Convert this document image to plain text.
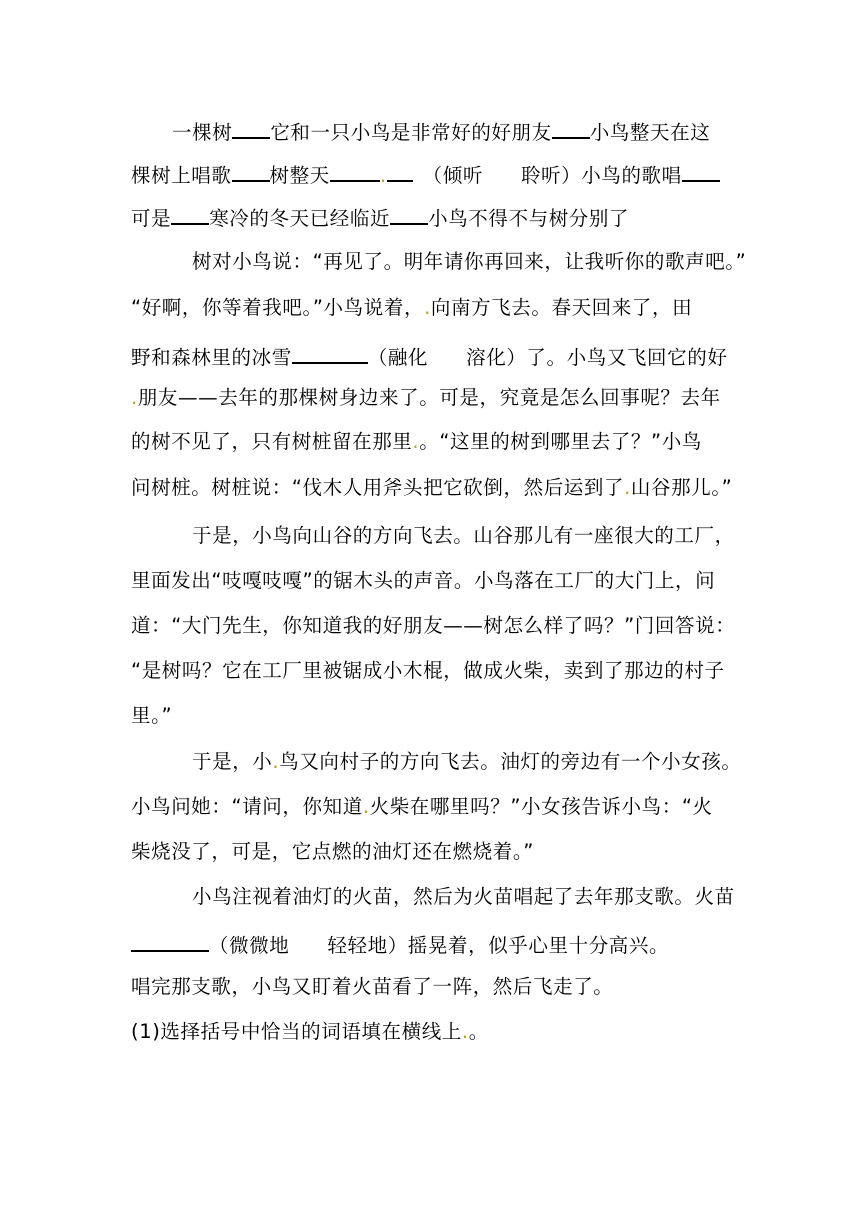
一棵树 它和一只小鸟是非常好的好朋友 小鸟整天在这
棵树上唱歌 树整天	. （倾听 聆听）小鸟的歌唱
可是 寒冷的冬天已经临近 小鸟不得不与树分别了
树对小鸟说：“再见了。明年请你再回来，让我听你的歌声吧。”
“好啊，你等着我吧。”小鸟说着，.向南方飞去。春天回来了，田
野和森林里的冰雪	（融化 溶化）了。小鸟又飞回它的好
.朋友——去年的那棵树身边来了。可是，究竟是怎么回事呢？去年
的树不见了，只有树桩留在那里.。“这里的树到哪里去了？”小鸟
问树桩。树桩说：“伐木人用斧头把它砍倒，然后运到了.山谷那儿。”
于是，小鸟向山谷的方向飞去。山谷那儿有一座很大的工厂，
里面发出“吱嘎吱嘎”的锯木头的声音。小鸟落在工厂的大门上，问
道：“大门先生，你知道我的好朋友——树怎么样了吗？”门回答说：
“是树吗？它在工厂里被锯成小木棍，做成火柴，卖到了那边的村子
里。”
于是，小.鸟又向村子的方向飞去。油灯的旁边有一个小女孩。
小鸟问她：“请问，你知道.火柴在哪里吗？”小女孩告诉小鸟：“火
柴烧没了，可是，它点燃的油灯还在燃烧着。”
小鸟注视着油灯的火苗，然后为火苗唱起了去年那支歌。火苗
（微微地 轻轻地）摇晃着，似乎心里十分高兴。
唱完那支歌，小鸟又盯着火苗看了一阵，然后飞走了。
(1)选择括号中恰当的词语填在横线上.。
